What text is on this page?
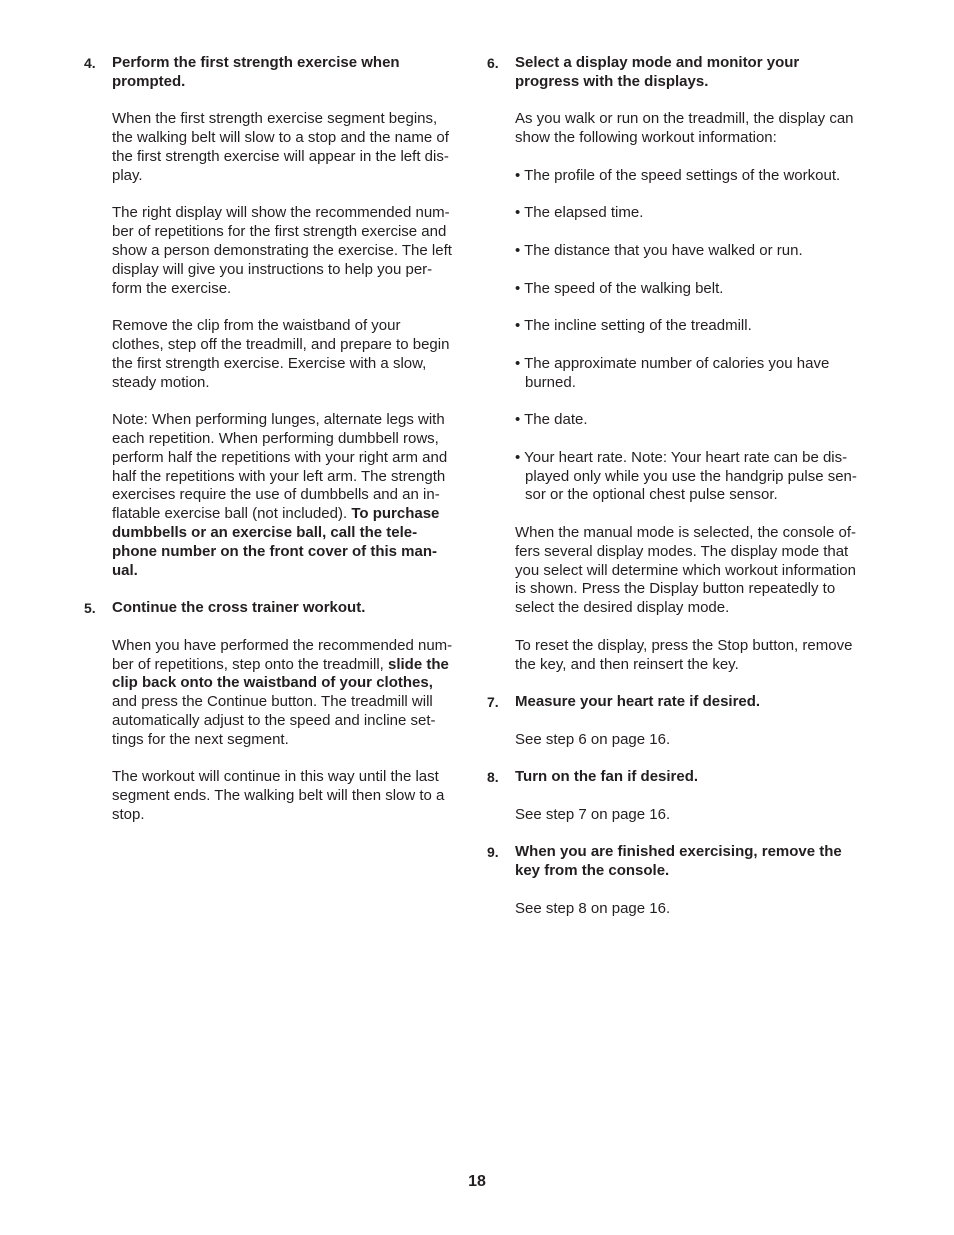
4. Perform the first strength exercise when
prompted.
When the first strength exercise segment begins,
the walking belt will slow to a stop and the name of
the first strength exercise will appear in the left dis-
play.
The right display will show the recommended num-
ber of repetitions for the first strength exercise and
show a person demonstrating the exercise. The left
display will give you instructions to help you per-
form the exercise.
Remove the clip from the waistband of your
clothes, step off the treadmill, and prepare to begin
the first strength exercise. Exercise with a slow,
steady motion.
Note: When performing lunges, alternate legs with
each repetition. When performing dumbbell rows,
perform half the repetitions with your right arm and
half the repetitions with your left arm. The strength
exercises require the use of dumbbells and an in-
flatable exercise ball (not included). To purchase
dumbbells or an exercise ball, call the tele-
phone number on the front cover of this man-
ual.
5. Continue the cross trainer workout.
When you have performed the recommended num-
ber of repetitions, step onto the treadmill, slide the
clip back onto the waistband of your clothes,
and press the Continue button. The treadmill will
automatically adjust to the speed and incline set-
tings for the next segment.
The workout will continue in this way until the last
segment ends. The walking belt will then slow to a
stop.
6. Select a display mode and monitor your
progress with the displays.
As you walk or run on the treadmill, the display can
show the following workout information:
• The profile of the speed settings of the workout.
• The elapsed time.
• The distance that you have walked or run.
• The speed of the walking belt.
• The incline setting of the treadmill.
• The approximate number of calories you have
burned.
• The date.
• Your heart rate. Note: Your heart rate can be dis-
played only while you use the handgrip pulse sen-
sor or the optional chest pulse sensor.
When the manual mode is selected, the console of-
fers several display modes. The display mode that
you select will determine which workout information
is shown. Press the Display button repeatedly to
select the desired display mode.
To reset the display, press the Stop button, remove
the key, and then reinsert the key.
7. Measure your heart rate if desired.
See step 6 on page 16.
8. Turn on the fan if desired.
See step 7 on page 16.
9. When you are finished exercising, remove the
key from the console.
See step 8 on page 16.
18
